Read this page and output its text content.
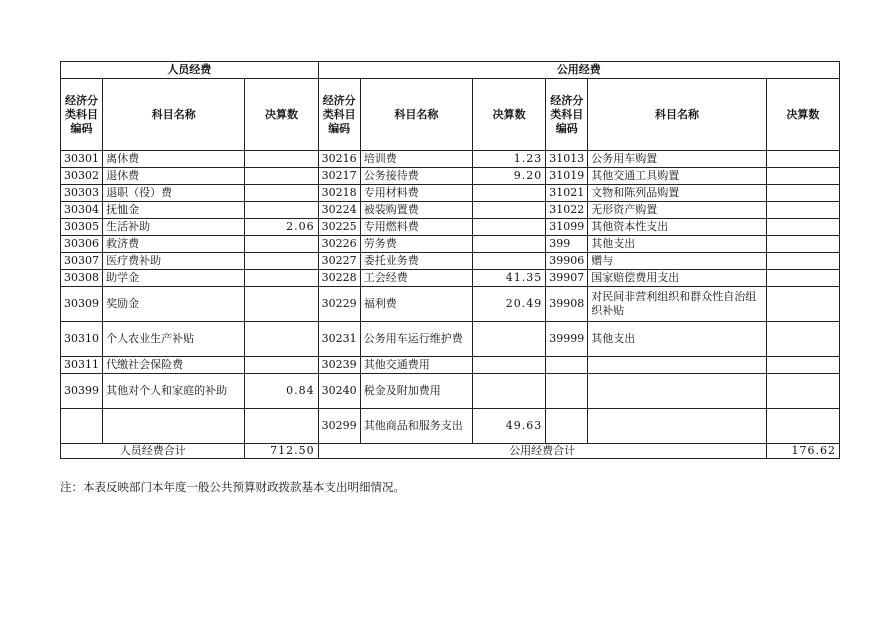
人员经费			公用经费					
经济分类科目编码	科目名称	决算数	经济分类科目编码	科目名称	决算数	经济分类科目编码	科目名称	决算数
30301	离休费		30216	培训费	1.23	31013	公务用车购置	
30302	退休费		30217	公务接待费	9.20	31019	其他交通工具购置	
30303	退职（役）费		30218	专用材料费		31021	文物和陈列品购置	
30304	抚恤金		30224	被装购置费		31022	无形资产购置	
30305	生活补助	2.06	30225	专用燃料费		31099	其他资本性支出	
30306	救济费		30226	劳务费		399	其他支出	
30307	医疗费补助		30227	委托业务费		39906	赠与	
30308	助学金		30228	工会经费	41.35	39907	国家赔偿费用支出	
30309	奖励金		30229	福利费	20.49	39908	对民间非营利组织和群众性自治组织补贴	
30310	个人农业生产补贴		30231	公务用车运行维护费		39999	其他支出	
30311	代缴社会保险费		30239	其他交通费用				
30399	其他对个人和家庭的补助	0.84	30240	税金及附加费用				
			30299	其他商品和服务支出	49.63			
人员经费合计		712.50	公用经费合计					176.62

注：本表反映部门本年度一般公共预算财政拨款基本支出明细情况。
